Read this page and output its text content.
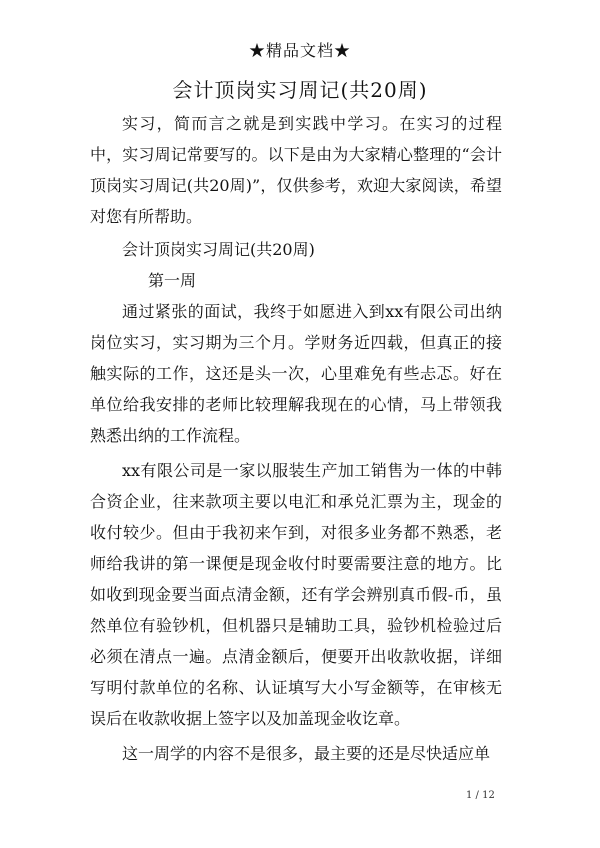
★精品文档★
会计顶岗实习周记(共20周)

实习，简而言之就是到实践中学习。在实习的过程中，实习周记常要写的。以下是由为大家精心整理的“会计顶岗实习周记(共20周)”，仅供参考，欢迎大家阅读，希望对您有所帮助。

会计顶岗实习周记(共20周)

第一周

通过紧张的面试，我终于如愿进入到xx有限公司出纳岗位实习，实习期为三个月。学财务近四载，但真正的接触实际的工作，这还是头一次，心里难免有些忐忑。好在单位给我安排的老师比较理解我现在的心情，马上带领我熟悉出纳的工作流程。

xx有限公司是一家以服装生产加工销售为一体的中韩合资企业，往来款项主要以电汇和承兑汇票为主，现金的收付较少。但由于我初来乍到，对很多业务都不熟悉，老师给我讲的第一课便是现金收付时要需要注意的地方。比如收到现金要当面点清金额，还有学会辨别真币假-币，虽然单位有验钞机，但机器只是辅助工具，验钞机检验过后必须在清点一遍。点清金额后，便要开出收款收据，详细写明付款单位的名称、认证填写大小写金额等，在审核无误后在收款收据上签字以及加盖现金收讫章。

这一周学的内容不是很多，最主要的还是尽快适应单

1 / 12
